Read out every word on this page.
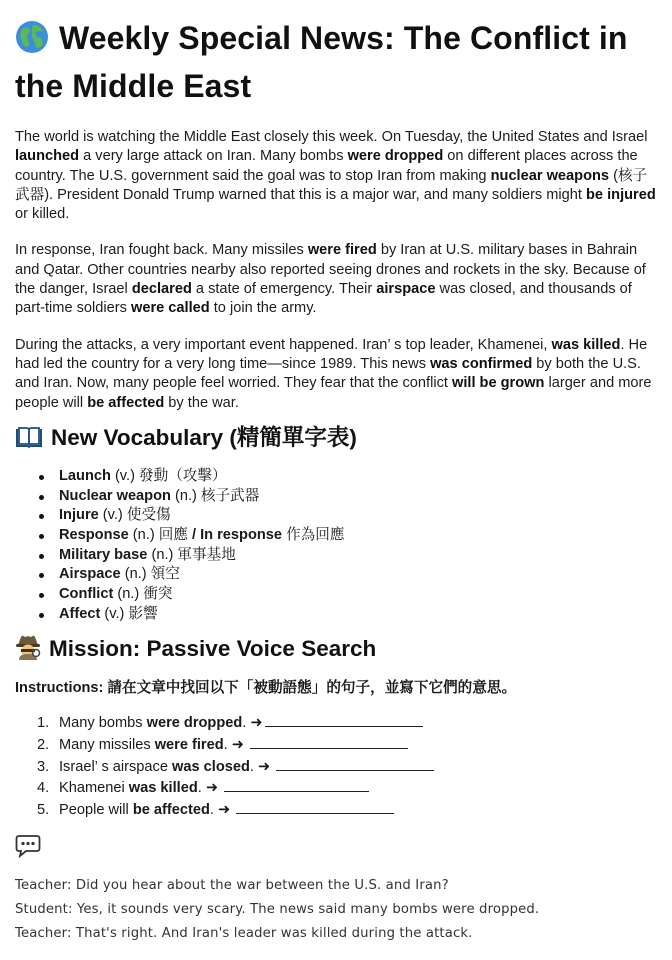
Weekly Special News: The Conflict in the Middle East

The world is watching the Middle East closely this week. On Tuesday, the United States and Israel launched a very large attack on Iran. Many bombs were dropped on different places across the country. The U.S. government said the goal was to stop Iran from making nuclear weapons (核子武器). President Donald Trump warned that this is a major war, and many soldiers might be injured or killed.

In response, Iran fought back. Many missiles were fired by Iran at U.S. military bases in Bahrain and Qatar. Other countries nearby also reported seeing drones and rockets in the sky. Because of the danger, Israel declared a state of emergency. Their airspace was closed, and thousands of part-time soldiers were called to join the army.

During the attacks, a very important event happened. Iran’ s top leader, Khamenei, was killed. He had led the country for a very long time—since 1989. This news was confirmed by both the U.S. and Iran. Now, many people feel worried. They fear that the conflict will be grown larger and more people will be affected by the war.

New Vocabulary (精簡單字表)
Launch (v.) 發動（攻擊）
Nuclear weapon (n.) 核子武器
Injure (v.) 使受傷
Response (n.) 回應 / In response 作為回應
Military base (n.) 軍事基地
Airspace (n.) 領空
Conflict (n.) 衝突
Affect (v.) 影響
Mission: Passive Voice Search
Instructions: 請在文章中找回以下「被動語態」的句子，並寫下它們的意思。
1. Many bombs were dropped. ➜
2. Many missiles were fired. ➜
3. Israel’ s airspace was closed. ➜
4. Khamenei was killed. ➜
5. People will be affected. ➜

Teacher: Did you hear about the war between the U.S. and Iran?

Student: Yes, it sounds very scary. The news said many bombs were dropped.

Teacher: That's right. And Iran's leader was killed during the attack.
